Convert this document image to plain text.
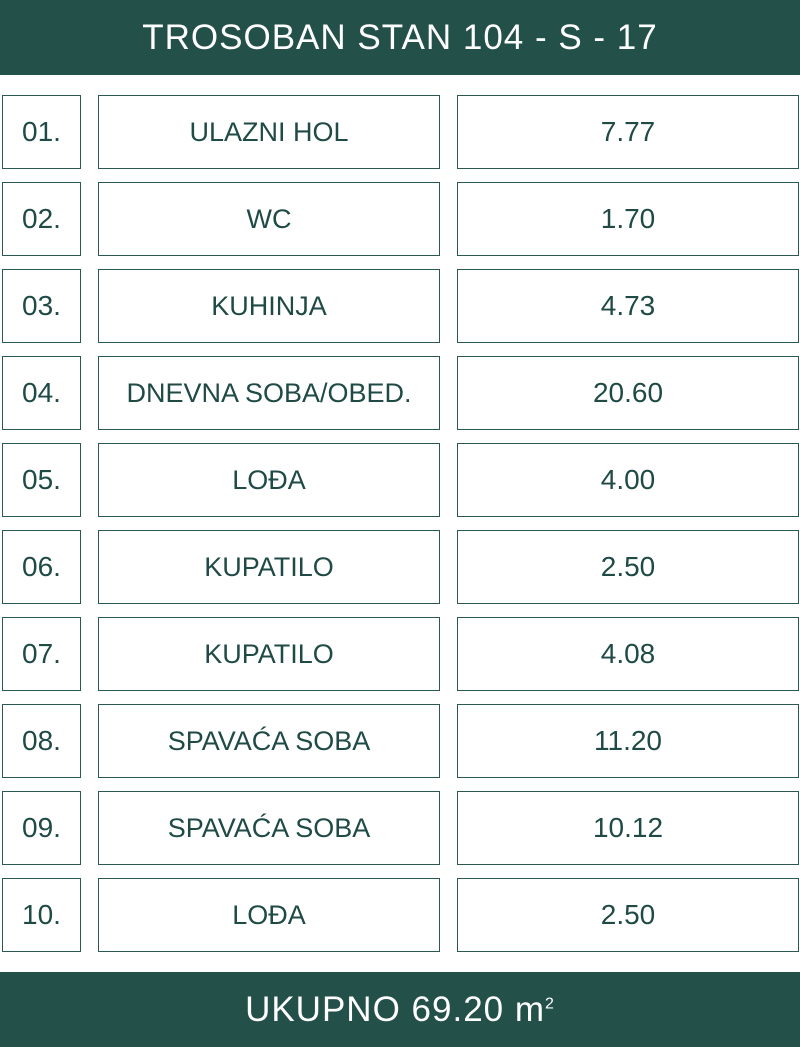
TROSOBAN STAN 104 - S - 17
01.	ULAZNI HOL	7.77
02.	WC	1.70
03.	KUHINJA	4.73
04.	DNEVNA SOBA/OBED.	20.60
05.	LOĐA	4.00
06.	KUPATILO	2.50
07.	KUPATILO	4.08
08.	SPAVAĆA SOBA	11.20
09.	SPAVAĆA SOBA	10.12
10.	LOĐA	2.50
UKUPNO
69.20
$m^2$
